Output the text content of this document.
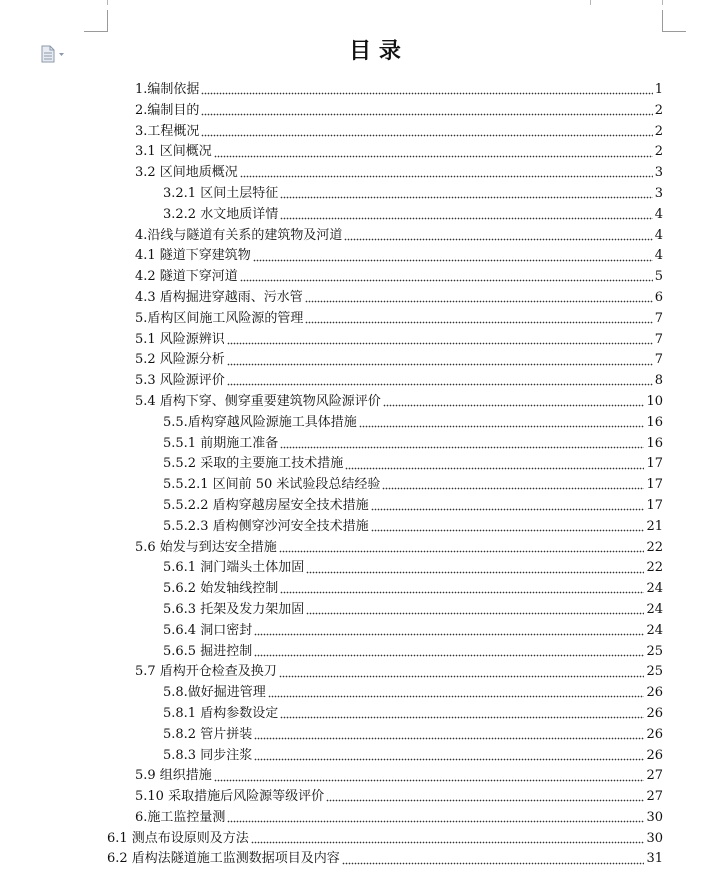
目 录
1.编制依据	1
2.编制目的	2
3.工程概况	2
3.1 区间概况	2
3.2 区间地质概况	3
3.2.1 区间土层特征	3
3.2.2 水文地质详情	4
4.沿线与隧道有关系的建筑物及河道	4
4.1 隧道下穿建筑物	4
4.2 隧道下穿河道	5
4.3 盾构掘进穿越雨、污水管	6
5.盾构区间施工风险源的管理	7
5.1 风险源辨识	7
5.2 风险源分析	7
5.3 风险源评价	8
5.4 盾构下穿、侧穿重要建筑物风险源评价	10
5.5.盾构穿越风险源施工具体措施	16
5.5.1 前期施工准备	16
5.5.2 采取的主要施工技术措施	17
5.5.2.1 区间前 50 米试验段总结经验	17
5.5.2.2 盾构穿越房屋安全技术措施	17
5.5.2.3 盾构侧穿沙河安全技术措施	21
5.6 始发与到达安全措施	22
5.6.1 洞门端头土体加固	22
5.6.2 始发轴线控制	24
5.6.3 托架及发力架加固	24
5.6.4 洞口密封	24
5.6.5 掘进控制	25
5.7 盾构开仓检查及换刀	25
5.8.做好掘进管理	26
5.8.1 盾构参数设定	26
5.8.2 管片拼装	26
5.8.3 同步注浆	26
5.9 组织措施	27
5.10 采取措施后风险源等级评价	27
6.施工监控量测	30
6.1 测点布设原则及方法	30
6.2 盾构法隧道施工监测数据项目及内容	31
